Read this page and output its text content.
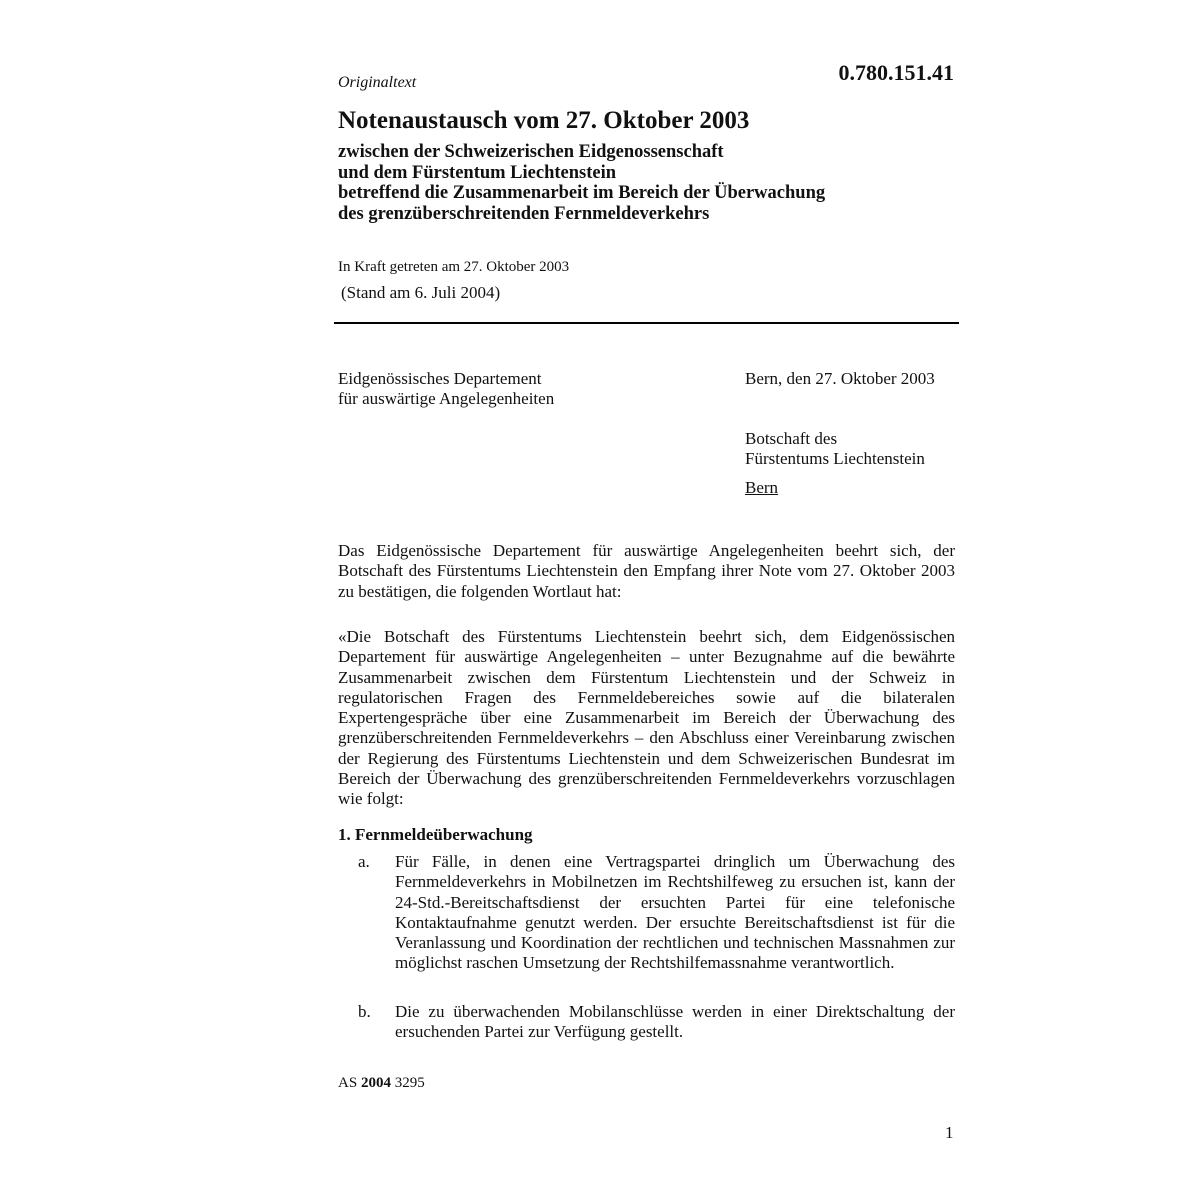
Originaltext	0.780.151.41
Notenaustausch vom 27. Oktober 2003
zwischen der Schweizerischen Eidgenossenschaft
und dem Fürstentum Liechtenstein
betreffend die Zusammenarbeit im Bereich der Überwachung
des grenzüberschreitenden Fernmeldeverkehrs
In Kraft getreten am 27. Oktober 2003
(Stand am 6. Juli 2004)
Eidgenössisches Departement
für auswärtige Angelegenheiten
Bern, den 27. Oktober 2003
Botschaft des
Fürstentums Liechtenstein
Bern
Das Eidgenössische Departement für auswärtige Angelegenheiten beehrt sich, der Botschaft des Fürstentums Liechtenstein den Empfang ihrer Note vom 27. Oktober 2003 zu bestätigen, die folgenden Wortlaut hat:
«Die Botschaft des Fürstentums Liechtenstein beehrt sich, dem Eidgenössischen Departement für auswärtige Angelegenheiten – unter Bezugnahme auf die bewährte Zusammenarbeit zwischen dem Fürstentum Liechtenstein und der Schweiz in regulatorischen Fragen des Fernmeldebereiches sowie auf die bilateralen Expertengespräche über eine Zusammenarbeit im Bereich der Überwachung des grenzüberschreitenden Fernmeldeverkehrs – den Abschluss einer Vereinbarung zwischen der Regierung des Fürstentums Liechtenstein und dem Schweizerischen Bundesrat im Bereich der Überwachung des grenzüberschreitenden Fernmeldeverkehrs vorzuschlagen wie folgt:
1. Fernmeldeüberwachung
a. Für Fälle, in denen eine Vertragspartei dringlich um Überwachung des Fernmeldeverkehrs in Mobilnetzen im Rechtshilfeweg zu ersuchen ist, kann der 24-Std.-Bereitschaftsdienst der ersuchten Partei für eine telefonische Kontaktaufnahme genutzt werden. Der ersuchte Bereitschaftsdienst ist für die Veranlassung und Koordination der rechtlichen und technischen Massnahmen zur möglichst raschen Umsetzung der Rechtshilfemassnahme verantwortlich.
b. Die zu überwachenden Mobilanschlüsse werden in einer Direktschaltung der ersuchenden Partei zur Verfügung gestellt.
AS 2004 3295
1
